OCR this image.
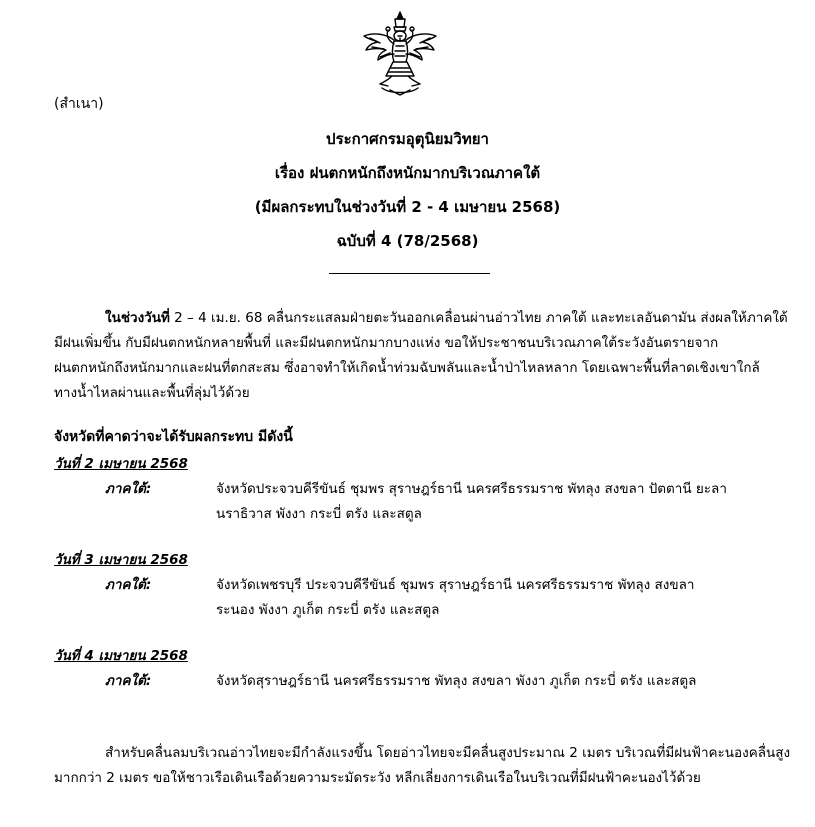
(สำเนา)
ประกาศกรมอุตุนิยมวิทยา
เรื่อง ฝนตกหนักถึงหนักมากบริเวณภาคใต้
(มีผลกระทบในช่วงวันที่ 2 - 4 เมษายน 2568)
ฉบับที่ 4 (78/2568)
ในช่วงวันที่ 2 – 4 เม.ย. 68 คลื่นกระแสลมฝ่ายตะวันออกเคลื่อนผ่านอ่าวไทย ภาคใต้ และทะเลอันดามัน ส่งผลให้ภาคใต้
มีฝนเพิ่มขึ้น กับมีฝนตกหนักหลายพื้นที่ และมีฝนตกหนักมากบางแห่ง ขอให้ประชาชนบริเวณภาคใต้ระวังอันตรายจาก
ฝนตกหนักถึงหนักมากและฝนที่ตกสะสม ซึ่งอาจทำให้เกิดน้ำท่วมฉับพลันและน้ำป่าไหลหลาก โดยเฉพาะพื้นที่ลาดเชิงเขาใกล้
ทางน้ำไหลผ่านและพื้นที่ลุ่มไว้ด้วย
จังหวัดที่คาดว่าจะได้รับผลกระทบ มีดังนี้
วันที่ 2 เมษายน 2568
ภาคใต้:	จังหวัดประจวบคีรีขันธ์ ชุมพร สุราษฎร์ธานี นครศรีธรรมราช พัทลุง สงขลา ปัตตานี ยะลา
นราธิวาส พังงา กระบี่ ตรัง และสตูล
วันที่ 3 เมษายน 2568
ภาคใต้:	จังหวัดเพชรบุรี ประจวบคีรีขันธ์ ชุมพร สุราษฎร์ธานี นครศรีธรรมราช พัทลุง สงขลา
ระนอง พังงา ภูเก็ต กระบี่ ตรัง และสตูล
วันที่ 4 เมษายน 2568
ภาคใต้:	จังหวัดสุราษฎร์ธานี นครศรีธรรมราช พัทลุง สงขลา พังงา ภูเก็ต กระบี่ ตรัง และสตูล
สำหรับคลื่นลมบริเวณอ่าวไทยจะมีกำลังแรงขึ้น โดยอ่าวไทยจะมีคลื่นสูงประมาณ 2 เมตร บริเวณที่มีฝนฟ้าคะนองคลื่นสูง
มากกว่า 2 เมตร ขอให้ชาวเรือเดินเรือด้วยความระมัดระวัง หลีกเลี่ยงการเดินเรือในบริเวณที่มีฝนฟ้าคะนองไว้ด้วย
